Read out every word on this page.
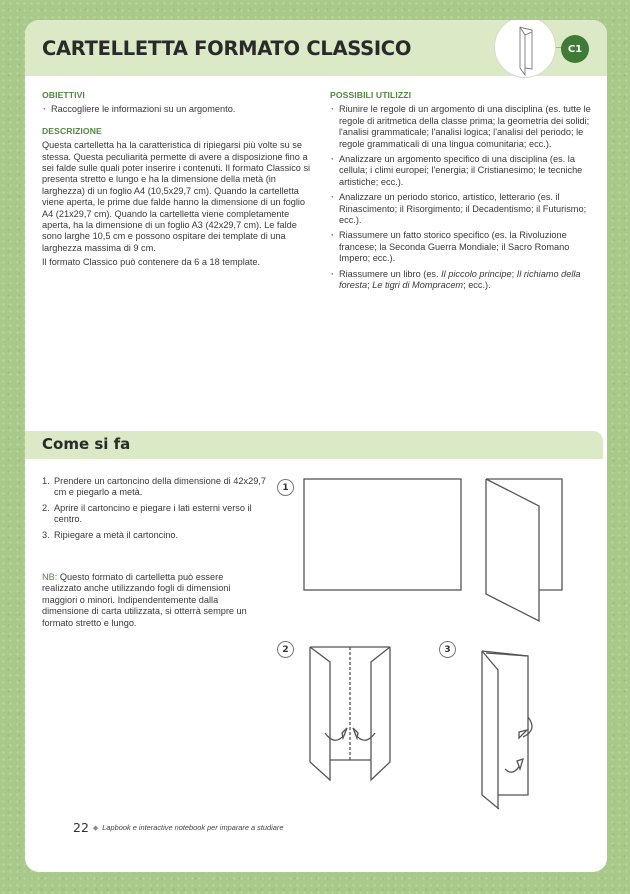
CARTELLETTA FORMATO CLASSICO	C1
OBIETTIVI
· Raccogliere le informazioni su un argomento.
DESCRIZIONE

Questa cartelletta ha la caratteristica di ripiegarsi più volte su se stessa. Questa peculiarità permette di avere a disposizione fino a sei falde sulle quali poter inserire i contenuti. Il formato Classico si presenta stretto e lungo e ha la dimensione della metà (in larghezza) di un foglio A4 (10,5x29,7 cm). Quando la cartelletta viene aperta, le prime due falde hanno la dimensione di un foglio A4 (21x29,7 cm). Quando la cartelletta viene completamente aperta, ha la dimensione di un foglio A3 (42x29,7 cm). Le falde sono larghe 10,5 cm e possono ospitare dei template di una larghezza massima di 9 cm.

Il formato Classico può contenere da 6 a 18 template.

POSSIBILI UTILIZZI
· Riunire le regole di un argomento di una disciplina (es. tutte le regole di aritmetica della classe prima; la geometria dei solidi; l'analisi grammaticale; l'analisi logica; l'analisi del periodo; le regole grammaticali di una lingua comunitaria; ecc.).
· Analizzare un argomento specifico di una disciplina (es. la cellula; i climi europei; l'energia; il Cristianesimo; le tecniche artistiche; ecc.).
· Analizzare un periodo storico, artistico, letterario (es. il Rinascimento; il Risorgimento; il Decadentismo; il Futurismo; ecc.).
· Riassumere un fatto storico specifico (es. la Rivoluzione francese; la Seconda Guerra Mondiale; il Sacro Romano Impero; ecc.).
· Riassumere un libro (es. Il piccolo principe; Il richiamo della foresta; Le tigri di Mompracem; ecc.).
Come si fa
1. Prendere un cartoncino della dimensione di 42x29,7 cm e piegarlo a metà.
2. Aprire il cartoncino e piegare i lati esterni verso il centro.
3. Ripiegare a metà il cartoncino.

NB: Questo formato di cartelletta può essere realizzato anche utilizzando fogli di dimensioni maggiori o minori. Indipendentemente dalla dimensione di carta utilizzata, si otterrà sempre un formato stretto e lungo.

1
2	3
22 ◆ Lapbook e interactive notebook per imparare a studiare
